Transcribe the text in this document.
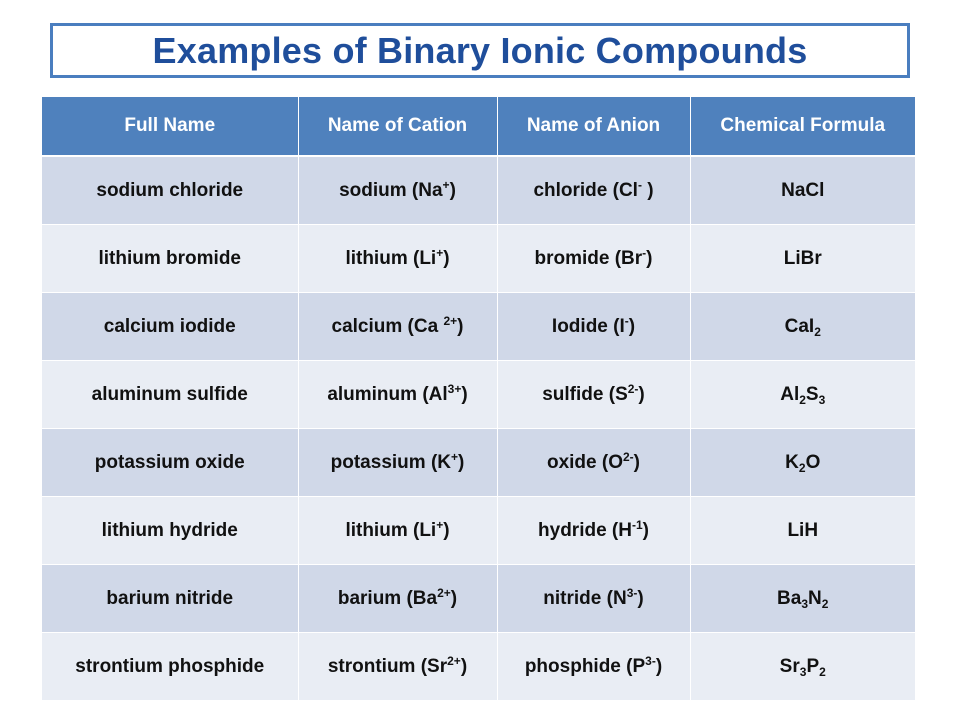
Examples of Binary Ionic Compounds
Full Name	Name of Cation	Name of Anion	Chemical Formula
sodium chloride	sodium (Na+)	chloride (Cl- )	NaCl
lithium bromide	lithium (Li+)	bromide (Br-)	LiBr
calcium iodide	calcium (Ca $^{2+}$)	Iodide (I-)	CaI$_2$
aluminum sulfide	aluminum $(Al^{3+})$	sulfide $(S^{2-})$	$Al_2S_3$
potassium oxide	potassium (K+)	oxide $(O^{2-})$	$K_2O$
lithium hydride	lithium (Li+)	hydride $(H^{-1})$	LiH
barium nitride	barium $(Ba^{2+})$	nitride $(N^{3-})$	$Ba_3N_2$
strontium phosphide	strontium $(Sr^{2+})$	phosphide $(P^{3-})$	$Sr_3P_2$
